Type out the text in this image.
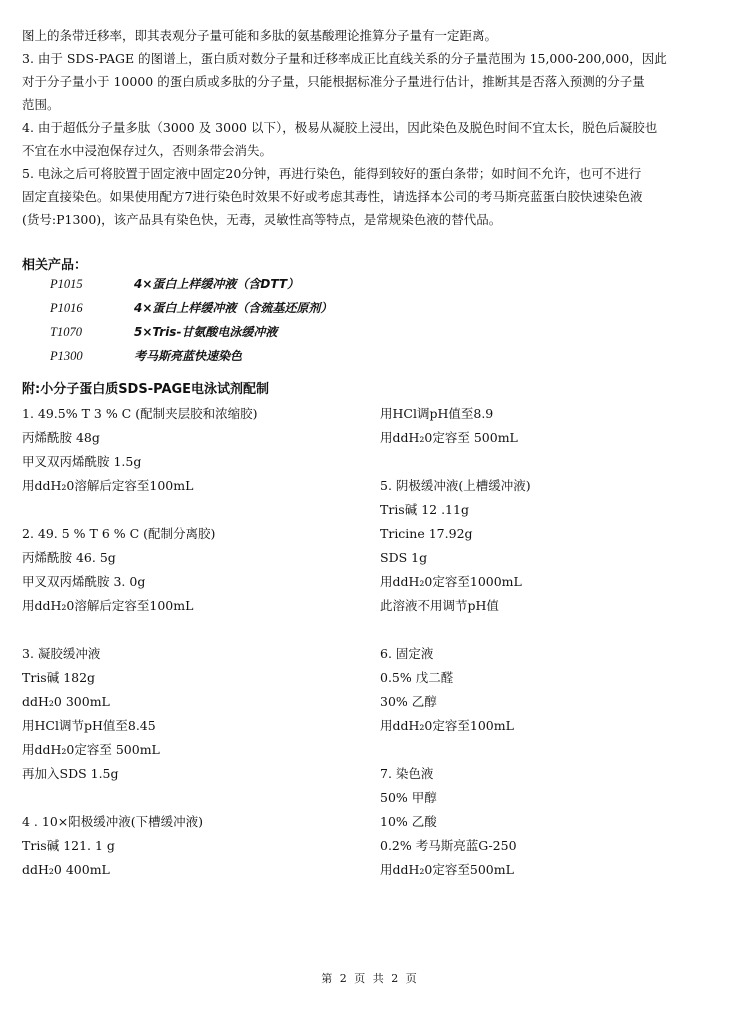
图上的条带迁移率，即其表观分子量可能和多肽的氨基酸理论推算分子量有一定距离。
3. 由于 SDS-PAGE 的图谱上，蛋白质对数分子量和迁移率成正比直线关系的分子量范围为 15,000-200,000，因此
对于分子量小于 10000 的蛋白质或多肽的分子量，只能根据标准分子量进行估计，推断其是否落入预测的分子量
范围。
4. 由于超低分子量多肽（3000 及 3000 以下），极易从凝胶上浸出，因此染色及脱色时间不宜太长，脱色后凝胶也
不宜在水中浸泡保存过久，否则条带会消失。
5. 电泳之后可将胶置于固定液中固定20分钟，再进行染色，能得到较好的蛋白条带；如时间不允许，也可不进行
固定直接染色。如果使用配方7进行染色时效果不好或考虑其毒性，请选择本公司的考马斯亮蓝蛋白胶快速染色液
(货号:P1300)，该产品具有染色快，无毒，灵敏性高等特点，是常规染色液的替代品。
相关产品：
P1015	4×蛋白上样缓冲液（含DTT）
P1016	4×蛋白上样缓冲液（含巯基还原剂）
T1070	5×Tris-甘氨酸电泳缓冲液
P1300	考马斯亮蓝快速染色
附:小分子蛋白质SDS-PAGE电泳试剂配制
1. 49.5% T 3 % C (配制夹层胶和浓缩胶)
丙烯酰胺 48g
甲叉双丙烯酰胺 1.5g
用ddH₂0溶解后定容至100mL
2. 49. 5 % T 6 % C (配制分离胶)
丙烯酰胺 46. 5g
甲叉双丙烯酰胺 3. 0g
用ddH₂0溶解后定容至100mL
3. 凝胶缓冲液
Tris碱 182g
ddH₂0 300mL
用HCl调节pH值至8.45
用ddH₂0定容至 500mL
再加入SDS 1.5g
4 . 10×阳极缓冲液(下槽缓冲液)
Tris碱 121. 1 g
ddH₂0 400mL
用HCl调pH值至8.9
用ddH₂0定容至 500mL
5. 阴极缓冲液(上槽缓冲液)
Tris碱 12 .11g
Tricine 17.92g
SDS 1g
用ddH₂0定容至1000mL
此溶液不用调节pH值
6. 固定液
0.5% 戊二醛
30% 乙醇
用ddH₂0定容至100mL
7. 染色液
50% 甲醇
10% 乙酸
0.2% 考马斯亮蓝G-250
用ddH₂0定容至500mL
第 2 页 共 2 页
